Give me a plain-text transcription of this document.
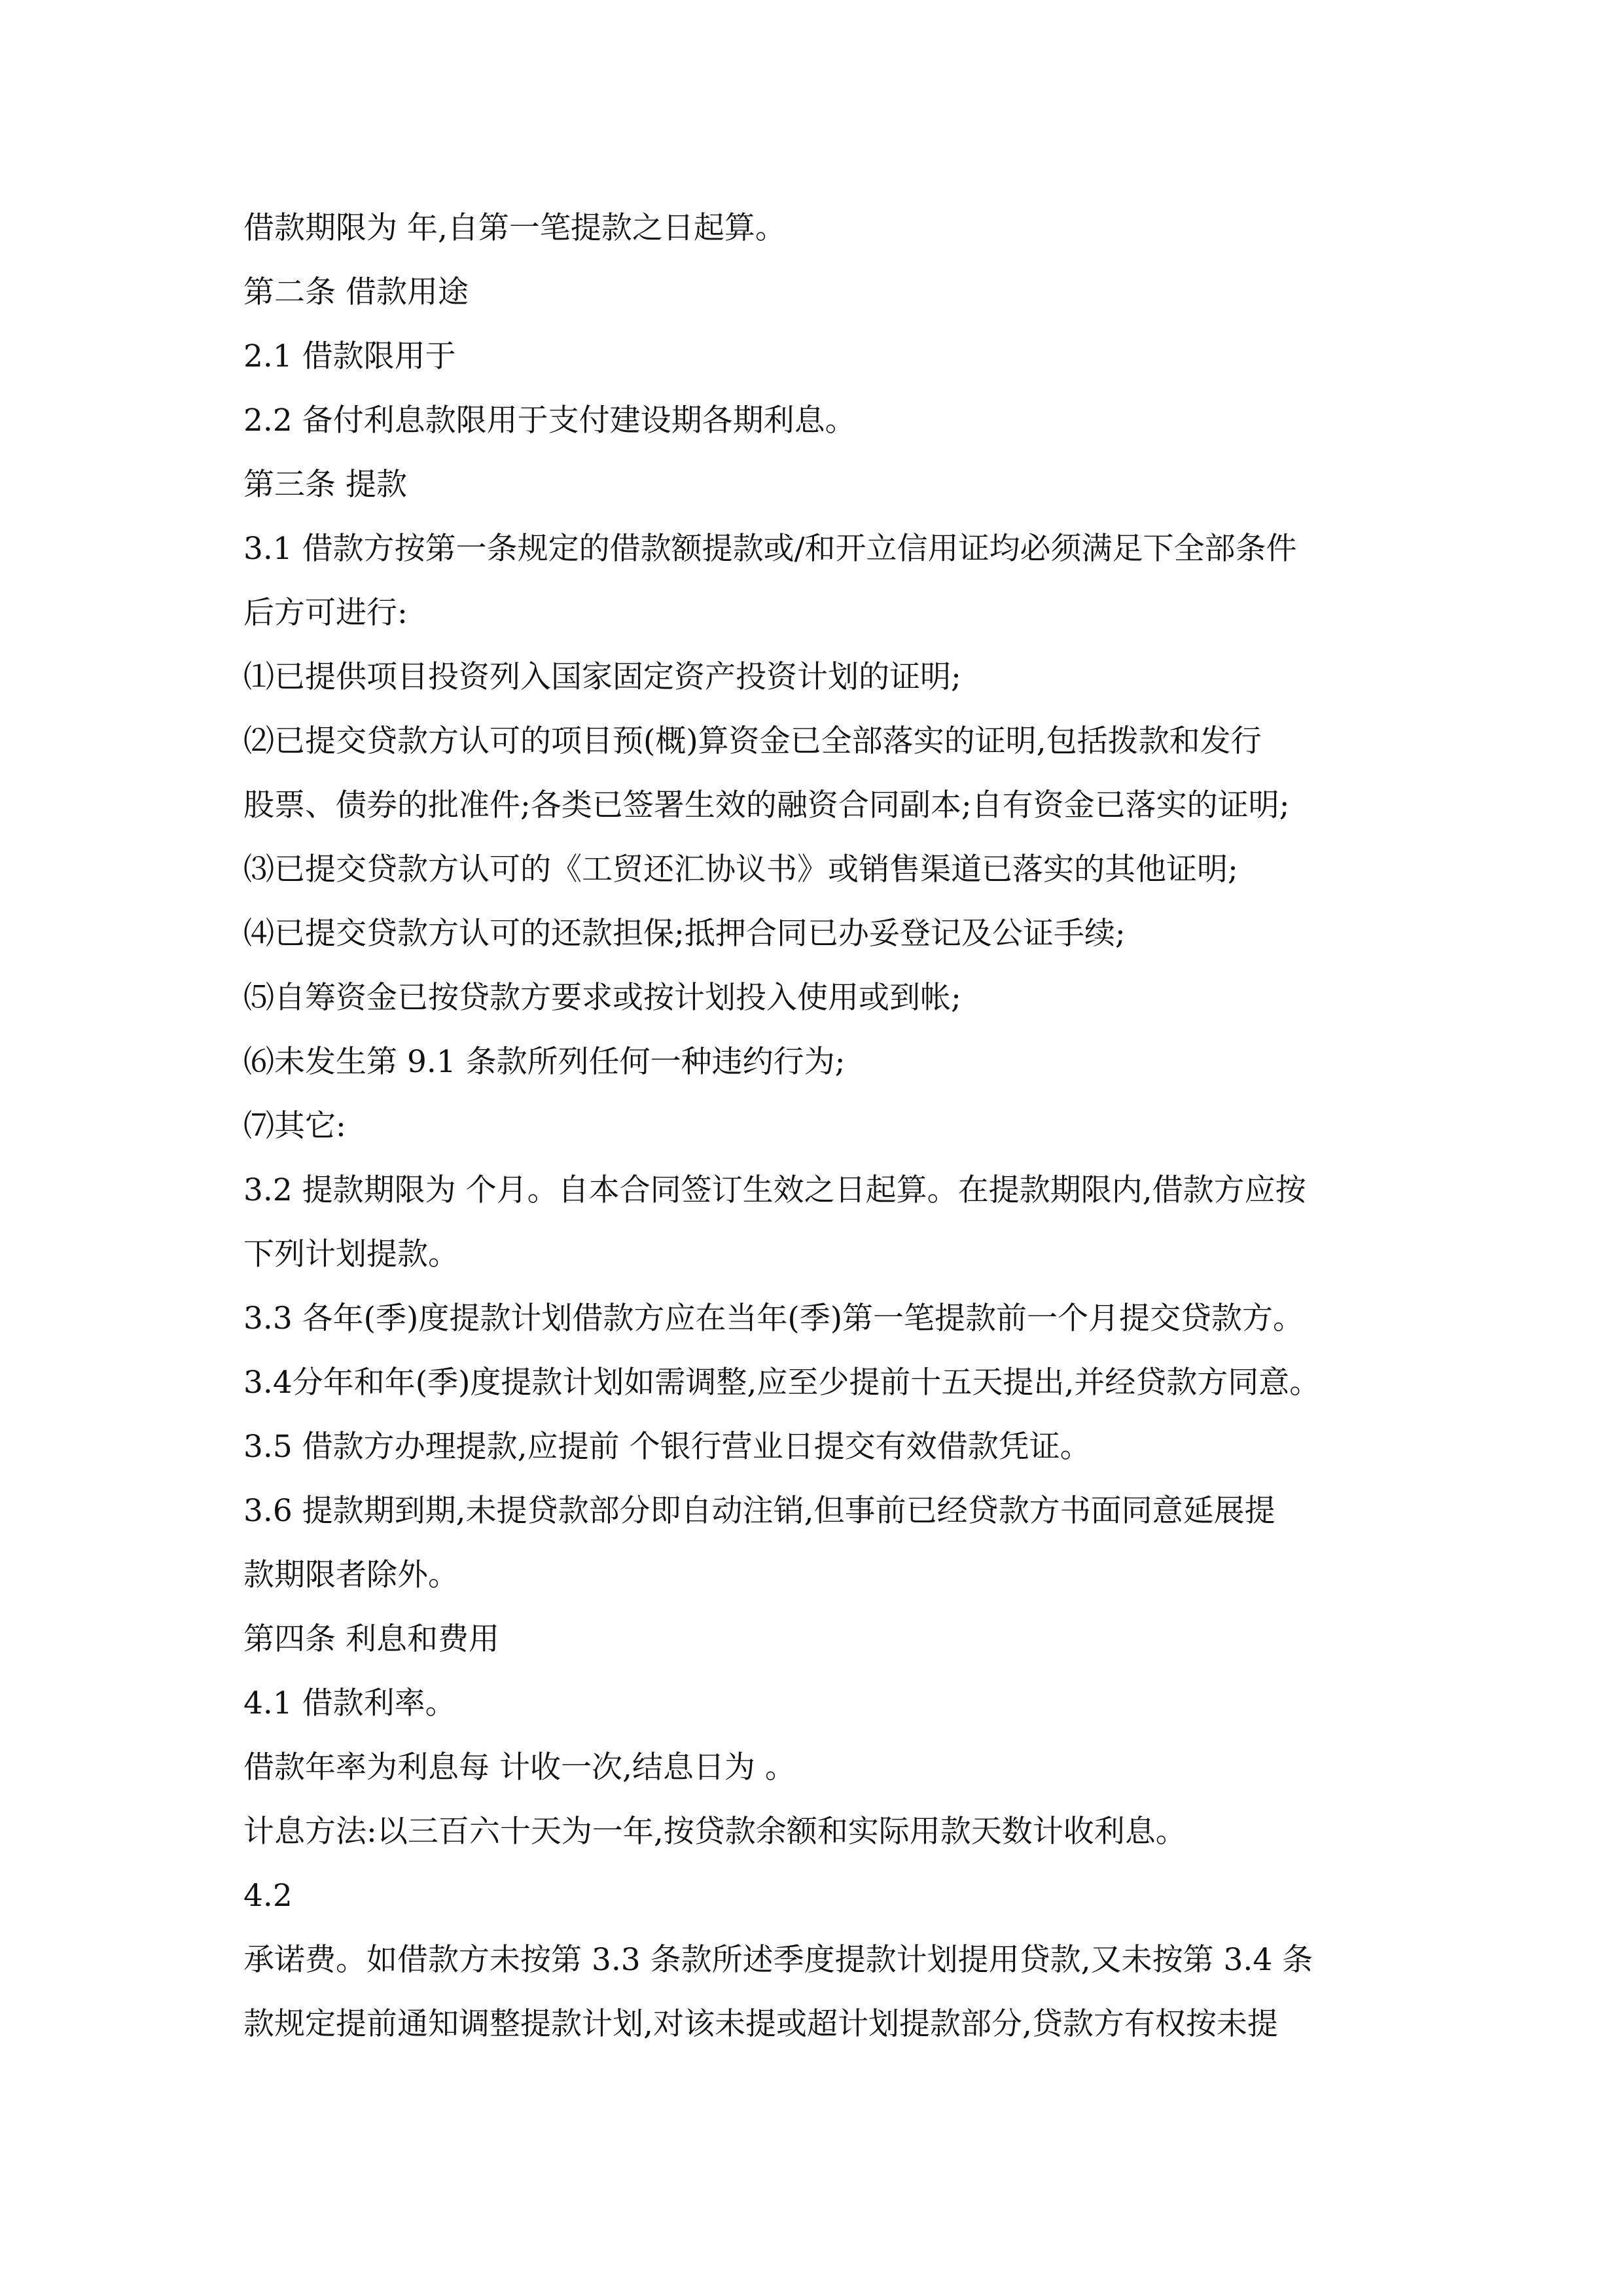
借款期限为 年,自第一笔提款之日起算。
第二条 借款用途
2.1 借款限用于
2.2 备付利息款限用于支付建设期各期利息。
第三条 提款
3.1 借款方按第一条规定的借款额提款或/和开立信用证均必须满足下全部条件
后方可进行:
⑴已提供项目投资列入国家固定资产投资计划的证明;
⑵已提交贷款方认可的项目预(概)算资金已全部落实的证明,包括拨款和发行
股票、债券的批准件;各类已签署生效的融资合同副本;自有资金已落实的证明;
⑶已提交贷款方认可的《工贸还汇协议书》或销售渠道已落实的其他证明;
⑷已提交贷款方认可的还款担保;抵押合同已办妥登记及公证手续;
⑸自筹资金已按贷款方要求或按计划投入使用或到帐;
⑹未发生第 9.1 条款所列任何一种违约行为;
⑺其它:
3.2 提款期限为 个月。自本合同签订生效之日起算。在提款期限内,借款方应按
下列计划提款。
3.3 各年(季)度提款计划借款方应在当年(季)第一笔提款前一个月提交贷款方。
3.4分年和年(季)度提款计划如需调整,应至少提前十五天提出,并经贷款方同意。
3.5 借款方办理提款,应提前 个银行营业日提交有效借款凭证。
3.6 提款期到期,未提贷款部分即自动注销,但事前已经贷款方书面同意延展提
款期限者除外。
第四条 利息和费用
4.1 借款利率。
借款年率为利息每 计收一次,结息日为 。
计息方法:以三百六十天为一年,按贷款余额和实际用款天数计收利息。
4.2
承诺费。如借款方未按第 3.3 条款所述季度提款计划提用贷款,又未按第 3.4 条
款规定提前通知调整提款计划,对该未提或超计划提款部分,贷款方有权按未提
